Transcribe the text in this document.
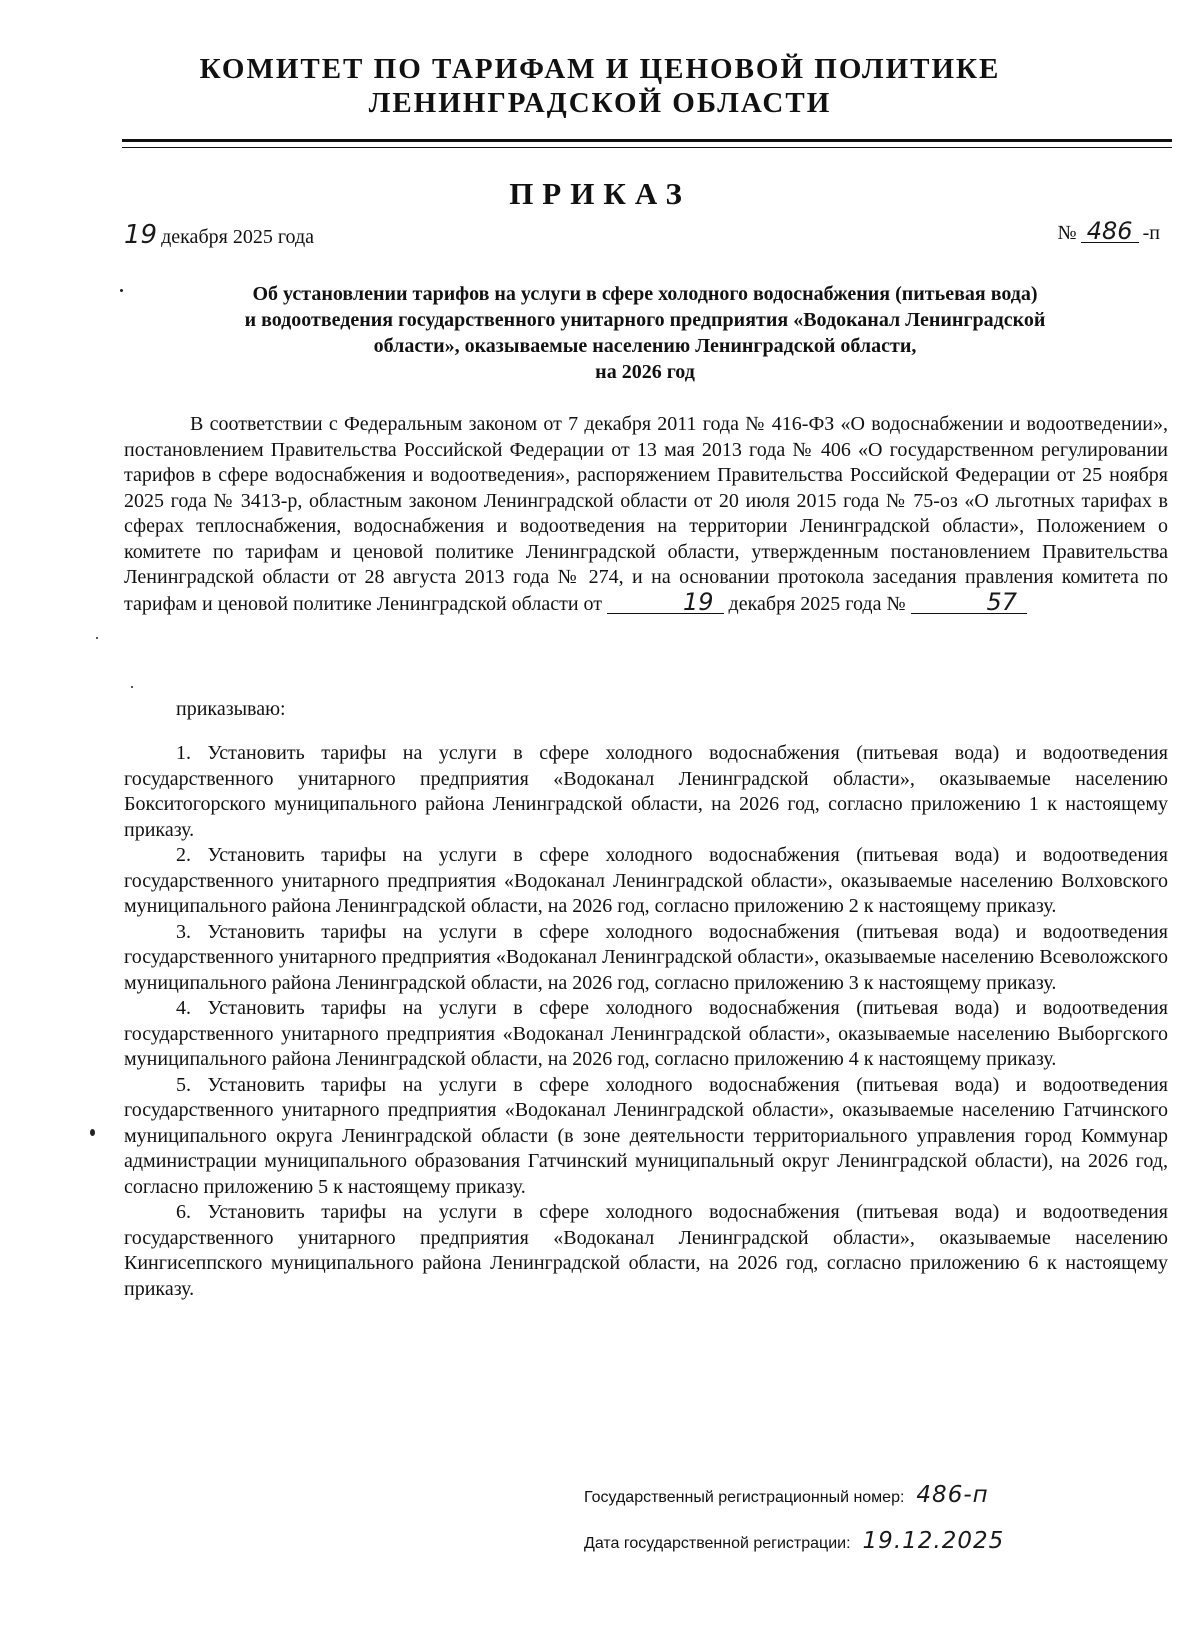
КОМИТЕТ ПО ТАРИФАМ И ЦЕНОВОЙ ПОЛИТИКЕ
ЛЕНИНГРАДСКОЙ ОБЛАСТИ
ПРИКАЗ
19 декабря 2025 года	№ 486 -п
Об установлении тарифов на услуги в сфере холодного водоснабжения (питьевая вода)
и водоотведения государственного унитарного предприятия «Водоканал Ленинградской
области», оказываемые населению Ленинградской области,
на 2026 год
В соответствии с Федеральным законом от 7 декабря 2011 года № 416-ФЗ «О водоснабжении и водоотведении», постановлением Правительства Российской Федерации от 13 мая 2013 года № 406 «О государственном регулировании тарифов в сфере водоснабжения и водоотведения», распоряжением Правительства Российской Федерации от 25 ноября 2025 года № 3413-р, областным законом Ленинградской области от 20 июля 2015 года № 75-оз «О льготных тарифах в сферах теплоснабжения, водоснабжения и водоотведения на территории Ленинградской области», Положением о комитете по тарифам и ценовой политике Ленинградской области, утвержденным постановлением Правительства Ленинградской области от 28 августа 2013 года № 274, и на основании протокола заседания правления комитета по тарифам и ценовой политике Ленинградской области от	19 декабря 2025 года №	57
приказываю:

1. Установить тарифы на услуги в сфере холодного водоснабжения (питьевая вода) и водоотведения государственного унитарного предприятия «Водоканал Ленинградской области», оказываемые населению Бокситогорского муниципального района Ленинградской области, на 2026 год, согласно приложению 1 к настоящему приказу.

2. Установить тарифы на услуги в сфере холодного водоснабжения (питьевая вода) и водоотведения государственного унитарного предприятия «Водоканал Ленинградской области», оказываемые населению Волховского муниципального района Ленинградской области, на 2026 год, согласно приложению 2 к настоящему приказу.

3. Установить тарифы на услуги в сфере холодного водоснабжения (питьевая вода) и водоотведения государственного унитарного предприятия «Водоканал Ленинградской области», оказываемые населению Всеволожского муниципального района Ленинградской области, на 2026 год, согласно приложению 3 к настоящему приказу.

4. Установить тарифы на услуги в сфере холодного водоснабжения (питьевая вода) и водоотведения государственного унитарного предприятия «Водоканал Ленинградской области», оказываемые населению Выборгского муниципального района Ленинградской области, на 2026 год, согласно приложению 4 к настоящему приказу.

5. Установить тарифы на услуги в сфере холодного водоснабжения (питьевая вода) и водоотведения государственного унитарного предприятия «Водоканал Ленинградской области», оказываемые населению Гатчинского муниципального округа Ленинградской области (в зоне деятельности территориального управления город Коммунар администрации муниципального образования Гатчинский муниципальный округ Ленинградской области), на 2026 год, согласно приложению 5 к настоящему приказу.

6. Установить тарифы на услуги в сфере холодного водоснабжения (питьевая вода) и водоотведения государственного унитарного предприятия «Водоканал Ленинградской области», оказываемые населению Кингисеппского муниципального района Ленинградской области, на 2026 год, согласно приложению 6 к настоящему приказу.

Государственный регистрационный номер: 486-п
Дата государственной регистрации: 19.12.2025
